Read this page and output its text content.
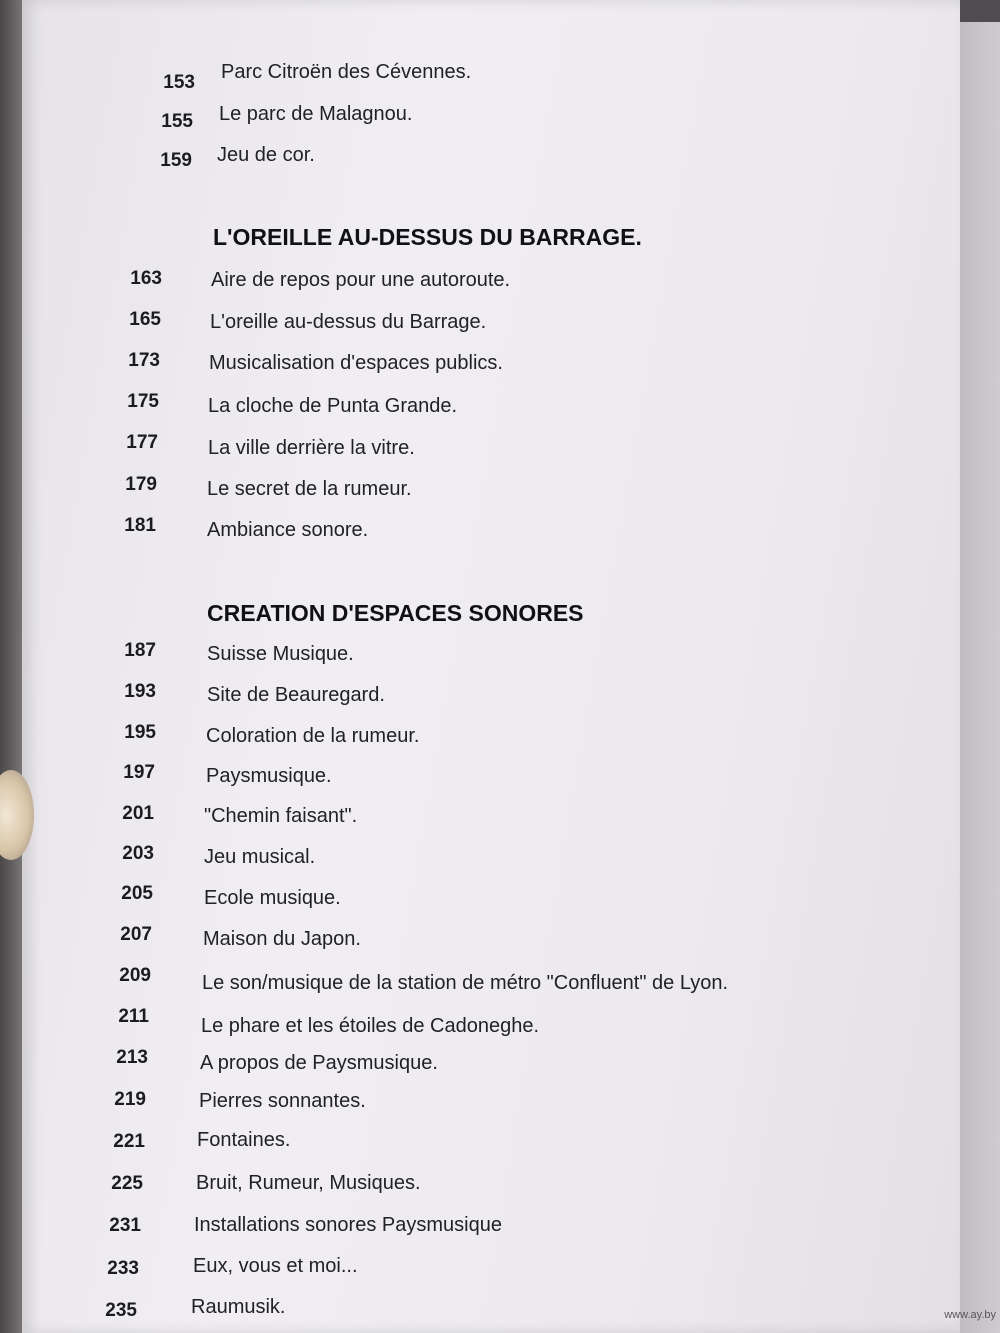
153 Parc Citroën des Cévennes.
155 Le parc de Malagnou.
159 Jeu de cor.
L'OREILLE AU-DESSUS DU BARRAGE.
163 Aire de repos pour une autoroute.
165 L'oreille au-dessus du Barrage.
173 Musicalisation d'espaces publics.
175 La cloche de Punta Grande.
177	La ville derrière la vitre.
179	Le secret de la rumeur.
181	Ambiance sonore.
CREATION D'ESPACES SONORES
187	Suisse Musique.
193	Site de Beauregard.
195	Coloration de la rumeur.
197	Paysmusique.
201	"Chemin faisant".
203	Jeu musical.
205	Ecole musique.
207	Maison du Japon.
209	Le son/musique de la station de métro "Confluent" de Lyon.
211	Le phare et les étoiles de Cadoneghe.
213	A propos de Paysmusique.
219	Pierres sonnantes.
221	Fontaines.
225	Bruit, Rumeur, Musiques.
231	Installations sonores Paysmusique
233	Eux, vous et moi...
235	Raumusik.	www.ay.by
